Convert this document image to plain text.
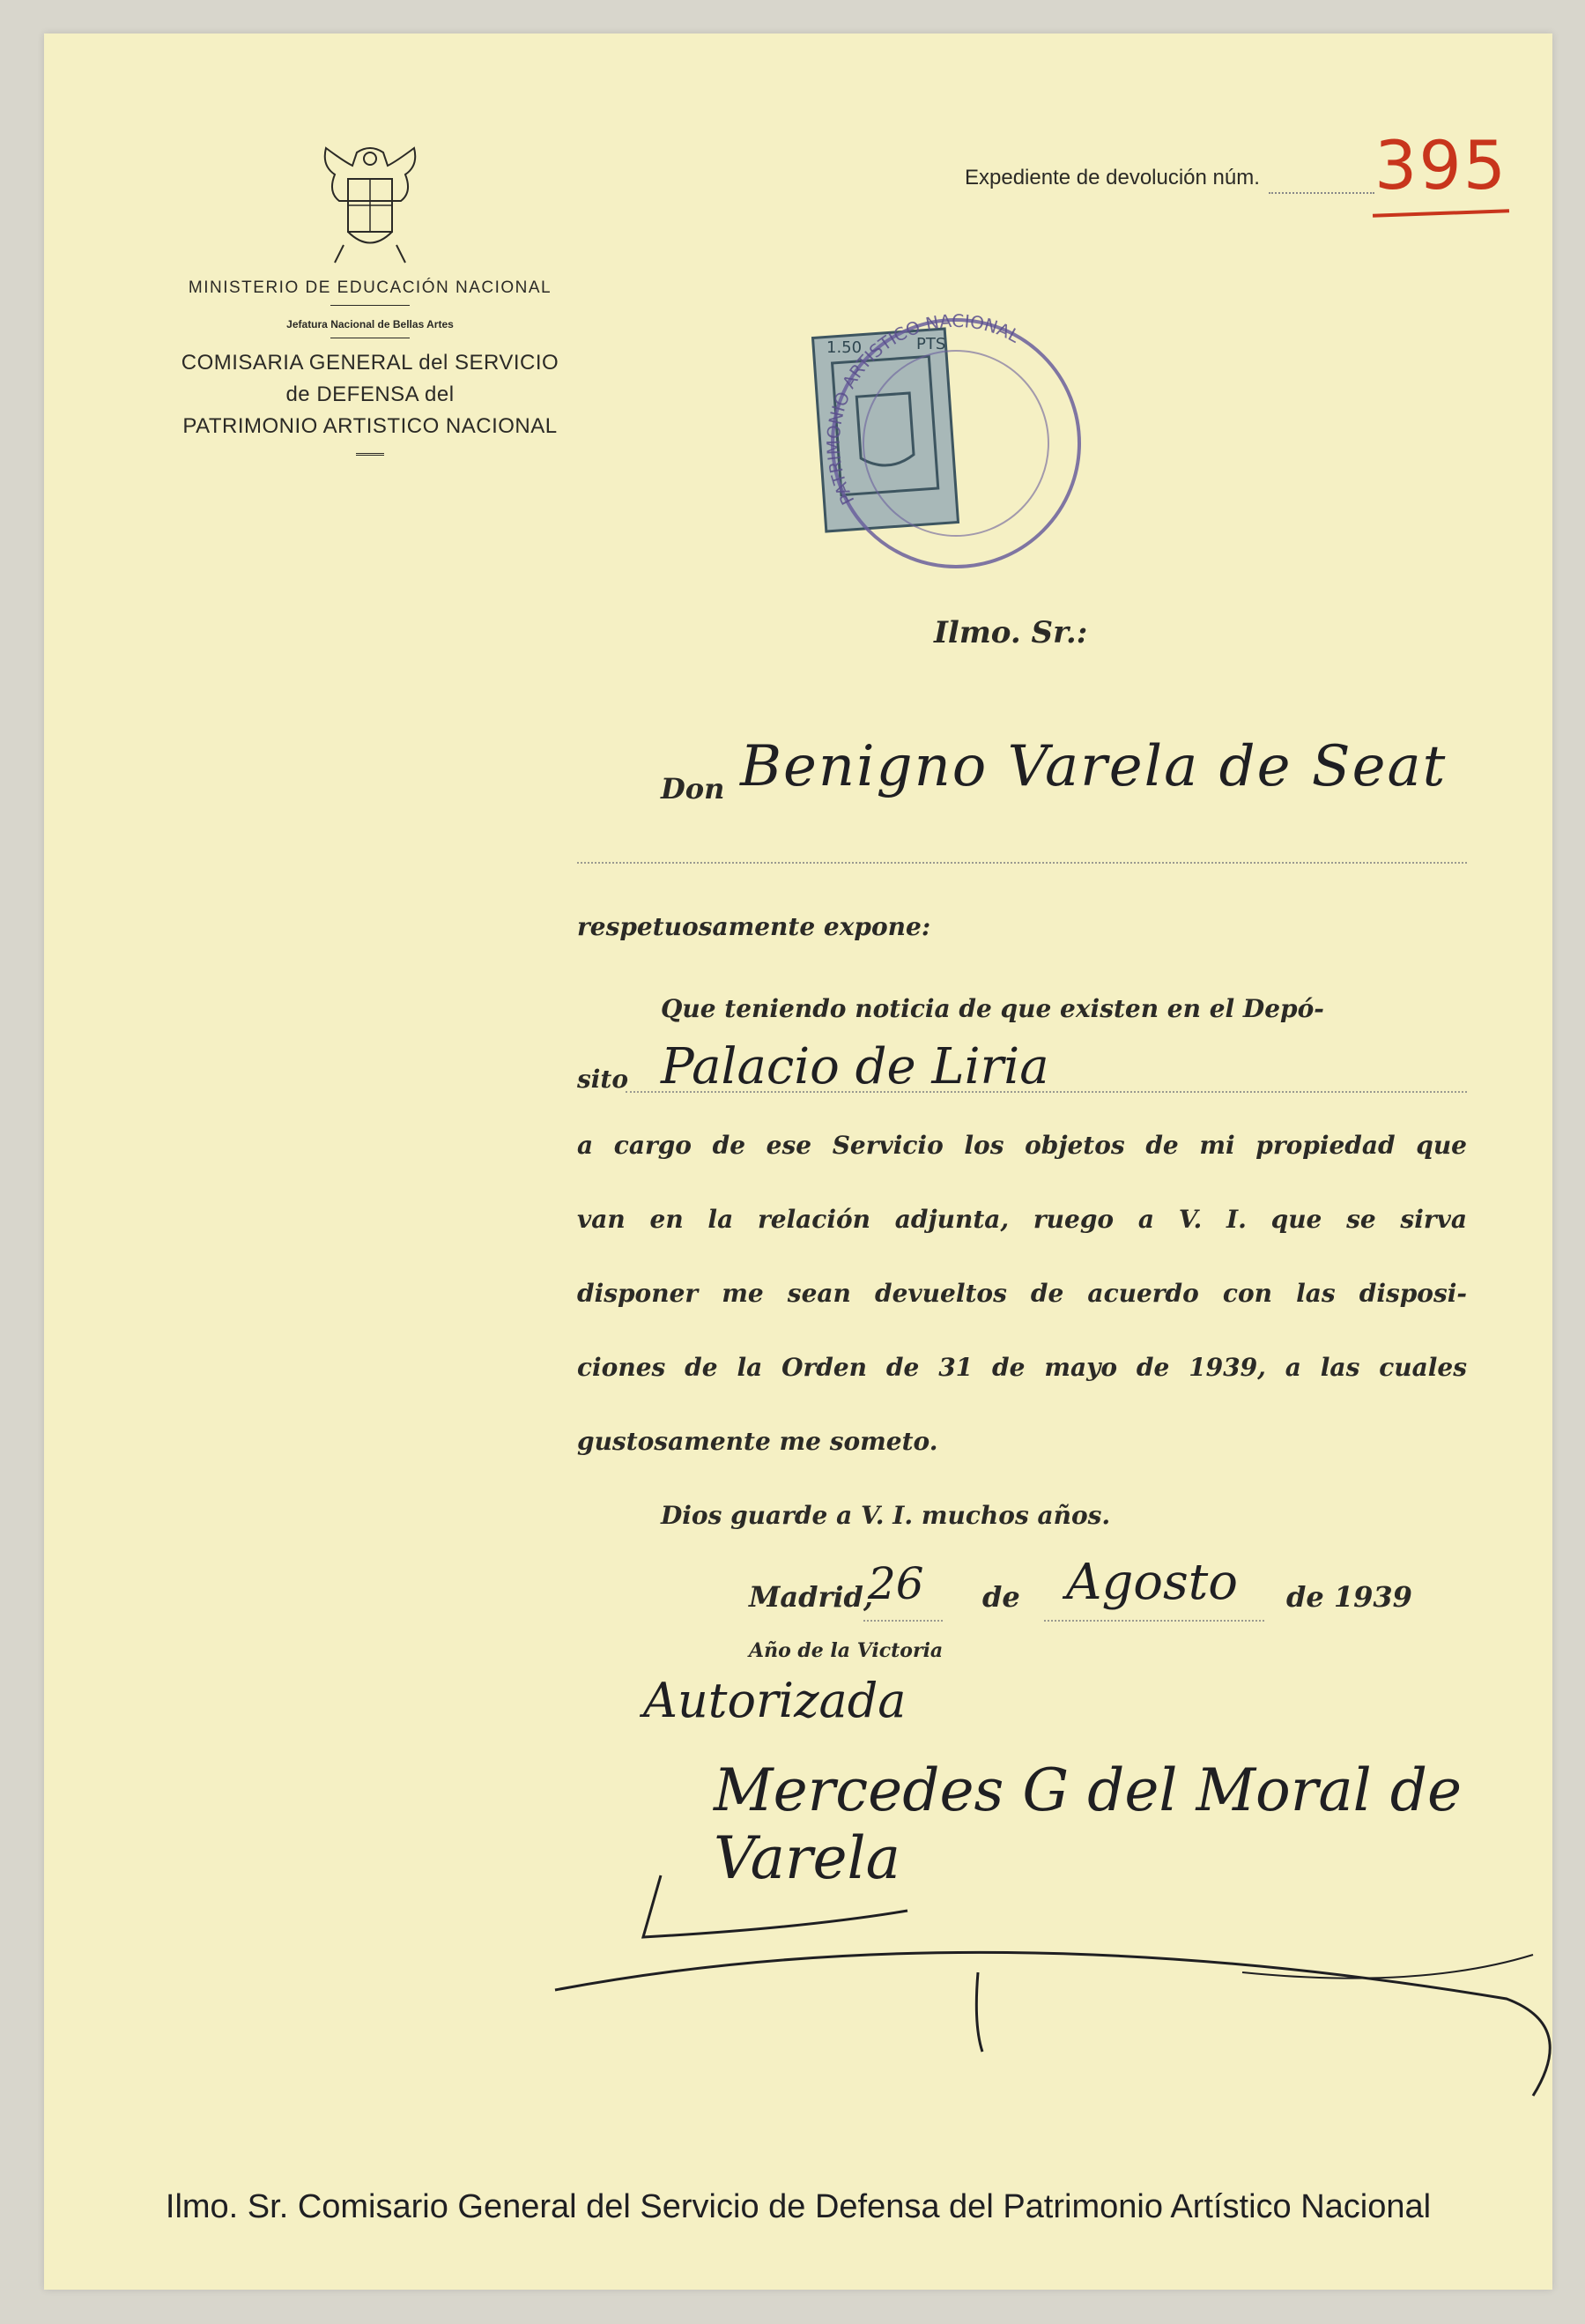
MINISTERIO DE EDUCACIÓN NACIONAL
Jefatura Nacional de Bellas Artes
COMISARIA GENERAL del SERVICIO
de DEFENSA del
PATRIMONIO ARTISTICO NACIONAL
Expediente de devolución núm. 395
1.50	PTS
PATRIMONIO ARTISTICO NACIONAL
Ilmo. Sr.:
Don Benigno Varela de Seat
respetuosamente expone:
Que teniendo noticia de que existen en el Depó-
sito Palacio de Liria
a cargo de ese Servicio los objetos de mi propiedad que
van en la relación adjunta, ruego a V. I. que se sirva
disponer me sean devueltos de acuerdo con las disposi-
ciones de la Orden de 31 de mayo de 1939, a las cuales
gustosamente me someto.
Dios guarde a V. I. muchos años.
Madrid,
26 de Agosto de 1939
Año de la Victoria
Autorizada
Mercedes G del Moral de Varela
Ilmo. Sr. Comisario General del Servicio de Defensa del Patrimonio Artístico Nacional
